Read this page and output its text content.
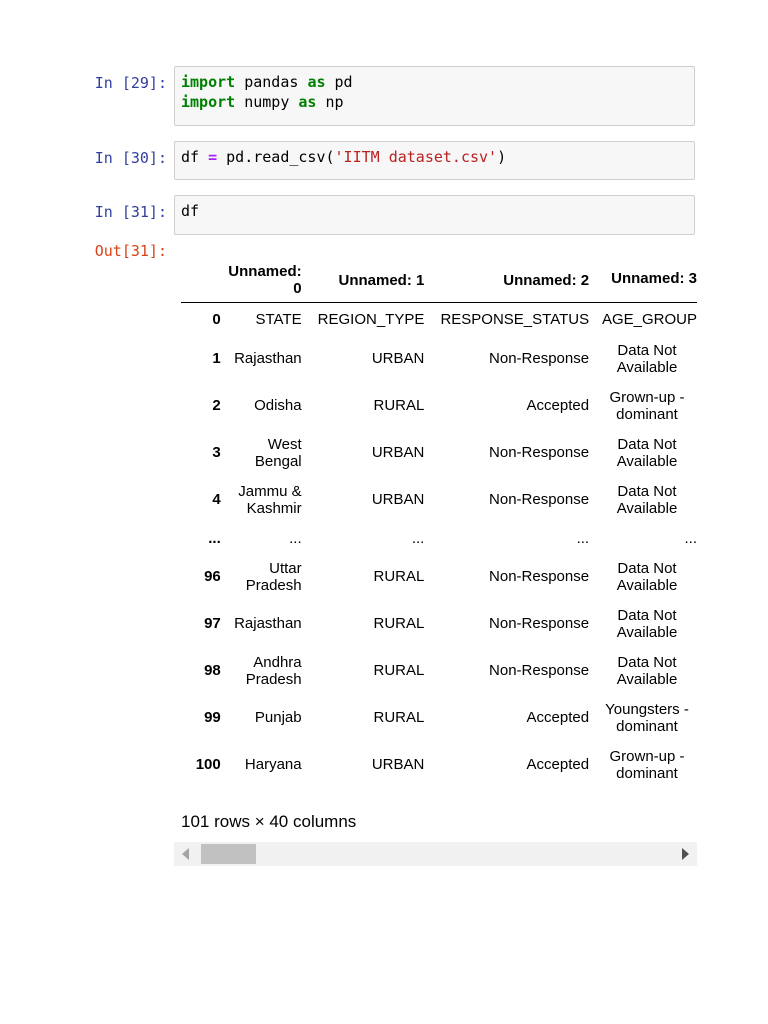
In [29]: import pandas as pd
import numpy as np
In [30]: df = pd.read_csv('IITM dataset.csv')
In [31]: df
Out[31]:
	Unnamed: 0	Unnamed: 1	Unnamed: 2	Unnamed: 3
0	STATE	REGION_TYPE	RESPONSE_STATUS	AGE_GROUP

1	Rajasthan	URBAN	Non-Response	Data Not Available

2	Odisha	RURAL	Accepted	Grown-up - dominant

3	West Bengal	URBAN	Non-Response	Data Not Available

4	Jammu & Kashmir	URBAN	Non-Response	Data Not Available

...	...	...	...	...

96	Uttar Pradesh	RURAL	Non-Response	Data Not Available

97	Rajasthan	RURAL	Non-Response	Data Not Available

98	Andhra Pradesh	RURAL	Non-Response	Data Not Available

99	Punjab	RURAL	Accepted	Youngsters - dominant

100	Haryana	URBAN	Accepted	Grown-up - dominant
101 rows × 40 columns
